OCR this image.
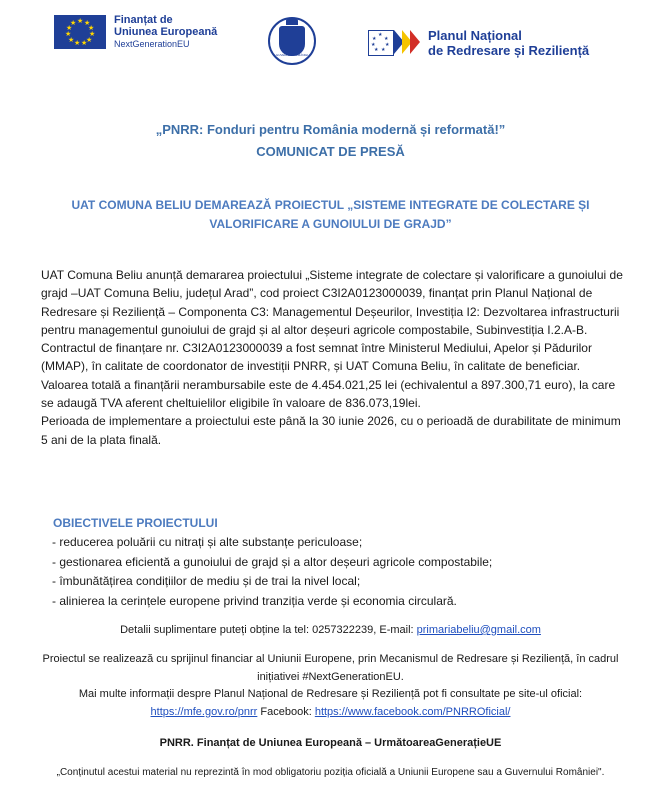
★ ★
★
★
★
★
★
★
★
★
★	Finanțat de
Uniunea Europeană
NextGenerationEU
GUVERNUL ROMÂNIEI
★
★
★
★
★
★
★	Planul Național
de Redresare și Reziliență
„PNRR: Fonduri pentru România modernă și reformată!”
COMUNICAT DE PRESĂ
UAT COMUNA BELIU DEMAREAZĂ PROIECTUL „SISTEME INTEGRATE DE COLECTARE ȘI VALORIFICARE A GUNOIULUI DE GRAJD”

UAT Comuna Beliu anunță demararea proiectului „Sisteme integrate de colectare și valorificare a gunoiului de grajd –UAT Comuna Beliu, județul Arad”, cod proiect C3I2A0123000039, finanțat prin Planul Național de Redresare și Reziliență – Componenta C3: Managementul Deșeurilor, Investiția I2: Dezvoltarea infrastructurii pentru managementul gunoiului de grajd și al altor deșeuri agricole compostabile, Subinvestiția I.2.A-B.

Contractul de finanțare nr. C3I2A0123000039 a fost semnat între Ministerul Mediului, Apelor și Pădurilor (MMAP), în calitate de coordonator de investiții PNRR, și UAT Comuna Beliu, în calitate de beneficiar.

Valoarea totală a finanțării nerambursabile este de 4.454.021,25 lei (echivalentul a 897.300,71 euro), la care se adaugă TVA aferent cheltuielilor eligibile în valoare de 836.073,19lei.

Perioada de implementare a proiectului este până la 30 iunie 2026, cu o perioadă de durabilitate de minimum 5 ani de la plata finală.

OBIECTIVELE PROIECTULUI
- reducerea poluării cu nitrați și alte substanțe periculoase;
- gestionarea eficientă a gunoiului de grajd și a altor deșeuri agricole compostabile;
- îmbunătățirea condițiilor de mediu și de trai la nivel local;
- alinierea la cerințele europene privind tranziția verde și economia circulară.
Detalii suplimentare puteți obține la tel: 0257322239, E-mail: primariabeliu@gmail.com
Proiectul se realizează cu sprijinul financiar al Uniunii Europene, prin Mecanismul de Redresare și Reziliență, în cadrul inițiativei #NextGenerationEU.
Mai multe informații despre Planul Național de Redresare și Reziliență pot fi consultate pe site-ul oficial:
https://mfe.gov.ro/pnrr Facebook: https://www.facebook.com/PNRROficial/
PNRR. Finanțat de Uniunea Europeană – UrmătoareaGenerațieUE
„Conținutul acestui material nu reprezintă în mod obligatoriu poziția oficială a Uniunii Europene sau a Guvernului României".
